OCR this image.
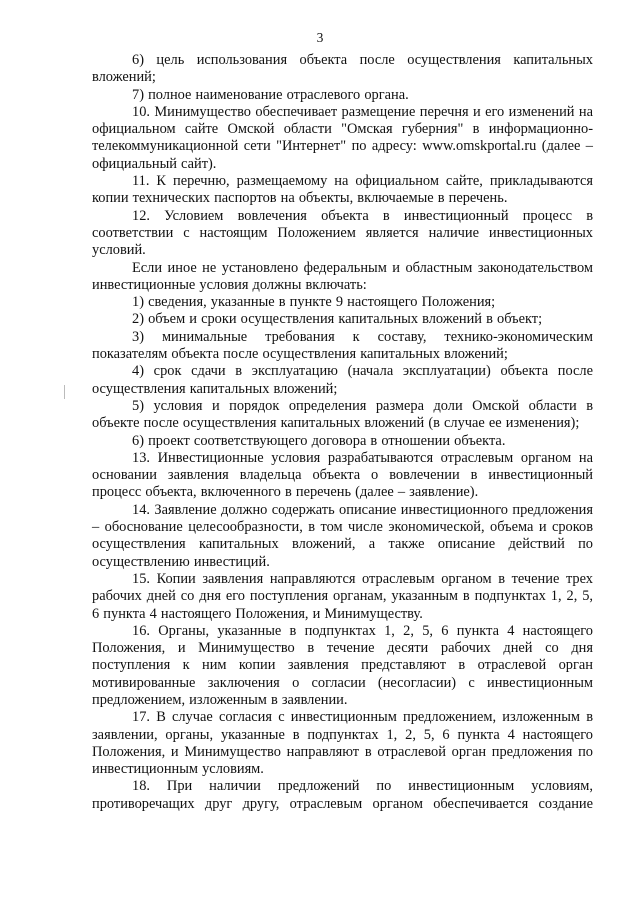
3

6) цель использования объекта после осуществления капитальных вложений;

7) полное наименование отраслевого органа.

10. Минимущество обеспечивает размещение перечня и его изменений на официальном сайте Омской области "Омская губерния" в информационно-телекоммуникационной сети "Интернет" по адресу: www.omskportal.ru (далее – официальный сайт).

11. К перечню, размещаемому на официальном сайте, прикладываются копии технических паспортов на объекты, включаемые в перечень.

12. Условием вовлечения объекта в инвестиционный процесс в соответствии с настоящим Положением является наличие инвестиционных условий.

Если иное не установлено федеральным и областным законодательством инвестиционные условия должны включать:

1) сведения, указанные в пункте 9 настоящего Положения;

2) объем и сроки осуществления капитальных вложений в объект;

3) минимальные требования к составу, технико-экономическим показателям объекта после осуществления капитальных вложений;

4) срок сдачи в эксплуатацию (начала эксплуатации) объекта после осуществления капитальных вложений;

5) условия и порядок определения размера доли Омской области в объекте после осуществления капитальных вложений (в случае ее изменения);

6) проект соответствующего договора в отношении объекта.

13. Инвестиционные условия разрабатываются отраслевым органом на основании заявления владельца объекта о вовлечении в инвестиционный процесс объекта, включенного в перечень (далее – заявление).

14. Заявление должно содержать описание инвестиционного предложения – обоснование целесообразности, в том числе экономической, объема и сроков осуществления капитальных вложений, а также описание действий по осуществлению инвестиций.

15. Копии заявления направляются отраслевым органом в течение трех рабочих дней со дня его поступления органам, указанным в подпунктах 1, 2, 5, 6 пункта 4 настоящего Положения, и Минимуществу.

16. Органы, указанные в подпунктах 1, 2, 5, 6 пункта 4 настоящего Положения, и Минимущество в течение десяти рабочих дней со дня поступления к ним копии заявления представляют в отраслевой орган мотивированные заключения о согласии (несогласии) с инвестиционным предложением, изложенным в заявлении.

17. В случае согласия с инвестиционным предложением, изложенным в заявлении, органы, указанные в подпунктах 1, 2, 5, 6 пункта 4 настоящего Положения, и Минимущество направляют в отраслевой орган предложения по инвестиционным условиям.

18. При наличии предложений по инвестиционным условиям, противоречащих друг другу, отраслевым органом обеспечивается создание
